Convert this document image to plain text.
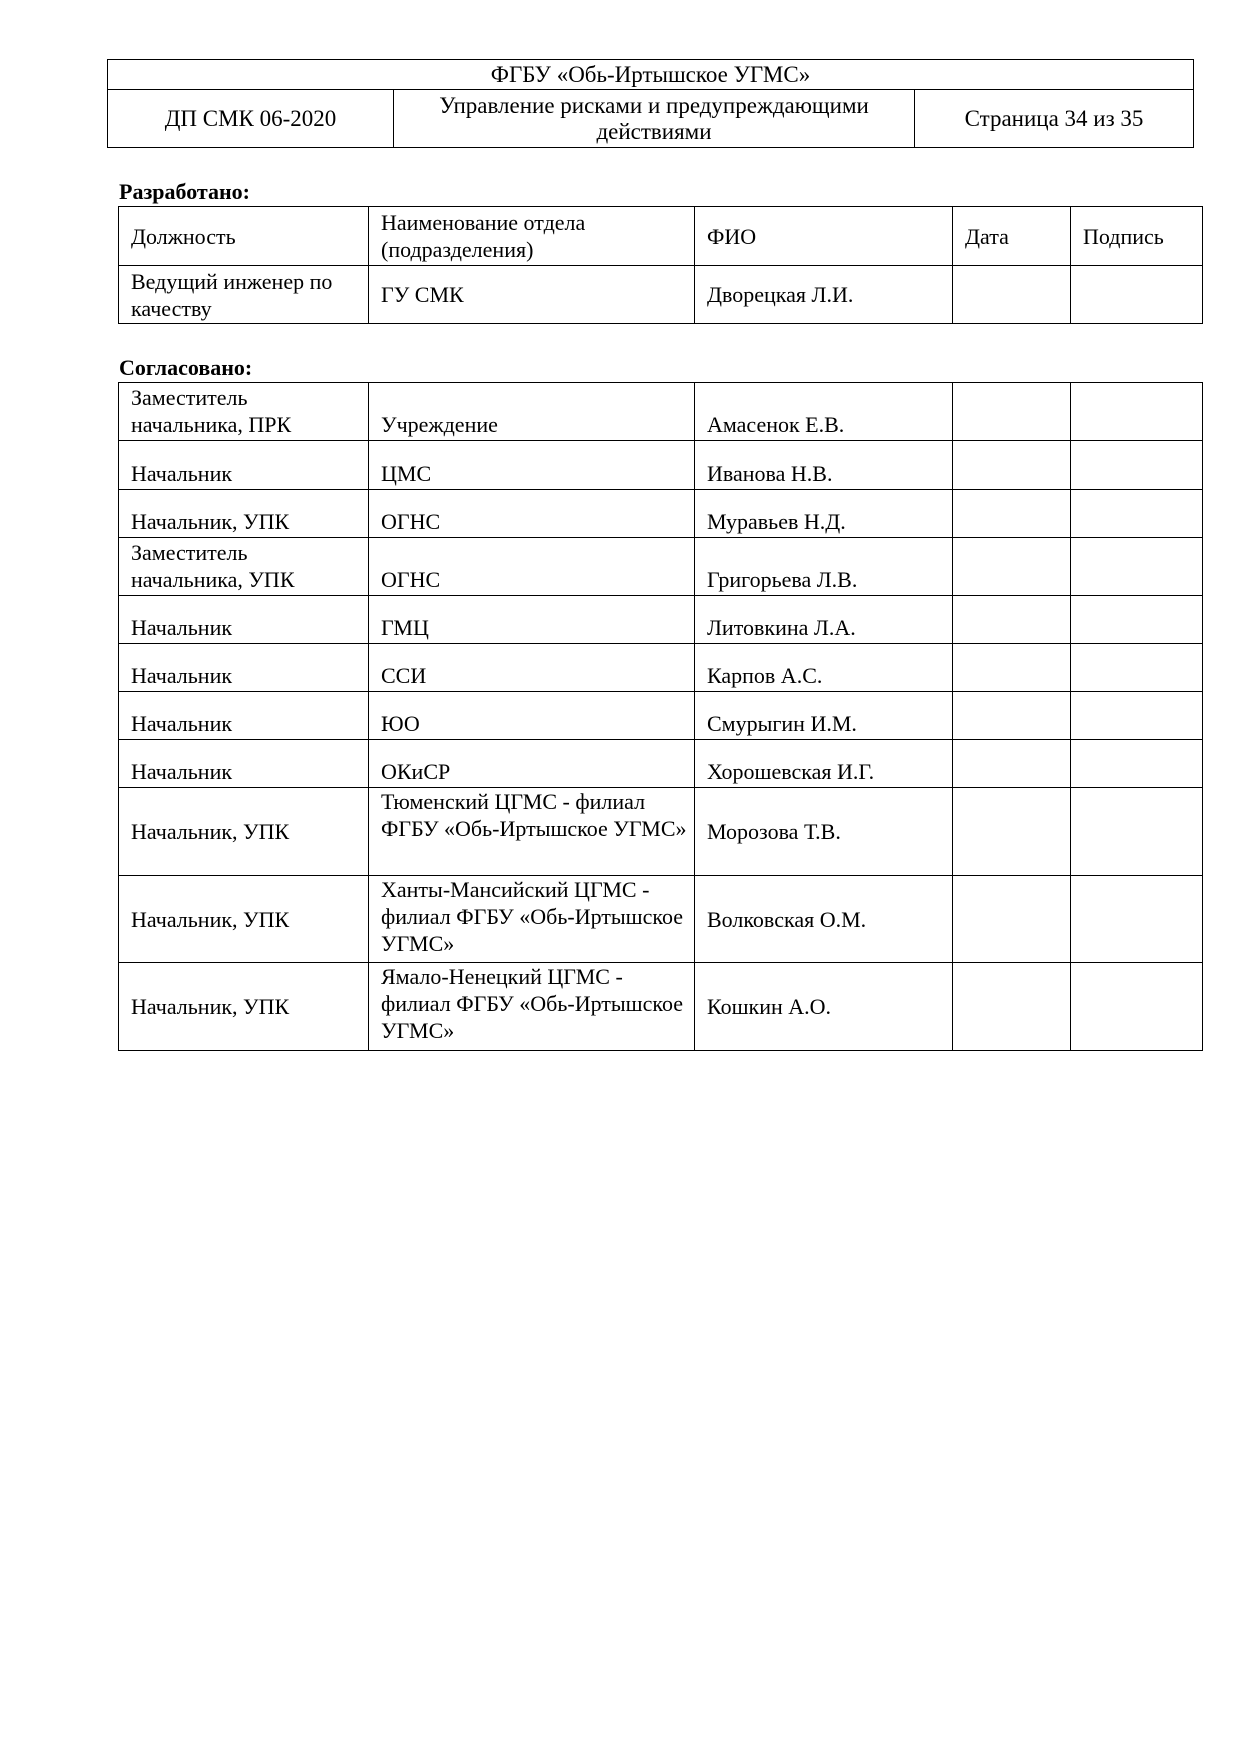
ФГБУ «Обь-Иртышское УГМС»
ДП СМК 06-2020	Управление рисками и предупреждающими действиями	Страница 34 из 35
Разработано:
Должность	Наименование отдела (подразделения)	ФИО	Дата	Подпись
Ведущий инженер по качеству	ГУ СМК	Дворецкая Л.И.		
Согласовано:
Заместитель начальника, ПРК	Учреждение	Амасенок Е.В.		
Начальник	ЦМС	Иванова Н.В.		
Начальник, УПК	ОГНС	Муравьев Н.Д.		
Заместитель начальника, УПК	ОГНС	Григорьева Л.В.		
Начальник	ГМЦ	Литовкина Л.А.		
Начальник	ССИ	Карпов А.С.		
Начальник	ЮО	Смурыгин И.М.		
Начальник	ОКиСР	Хорошевская И.Г.		
Начальник, УПК	Тюменский ЦГМС - филиал ФГБУ «Обь-Иртышское УГМС»	Морозова Т.В.		
Начальник, УПК	Ханты-Мансийский ЦГМС - филиал ФГБУ «Обь-Иртышское УГМС»	Волковская О.М.		
Начальник, УПК	Ямало-Ненецкий ЦГМС - филиал ФГБУ «Обь-Иртышское УГМС»	Кошкин А.О.		
